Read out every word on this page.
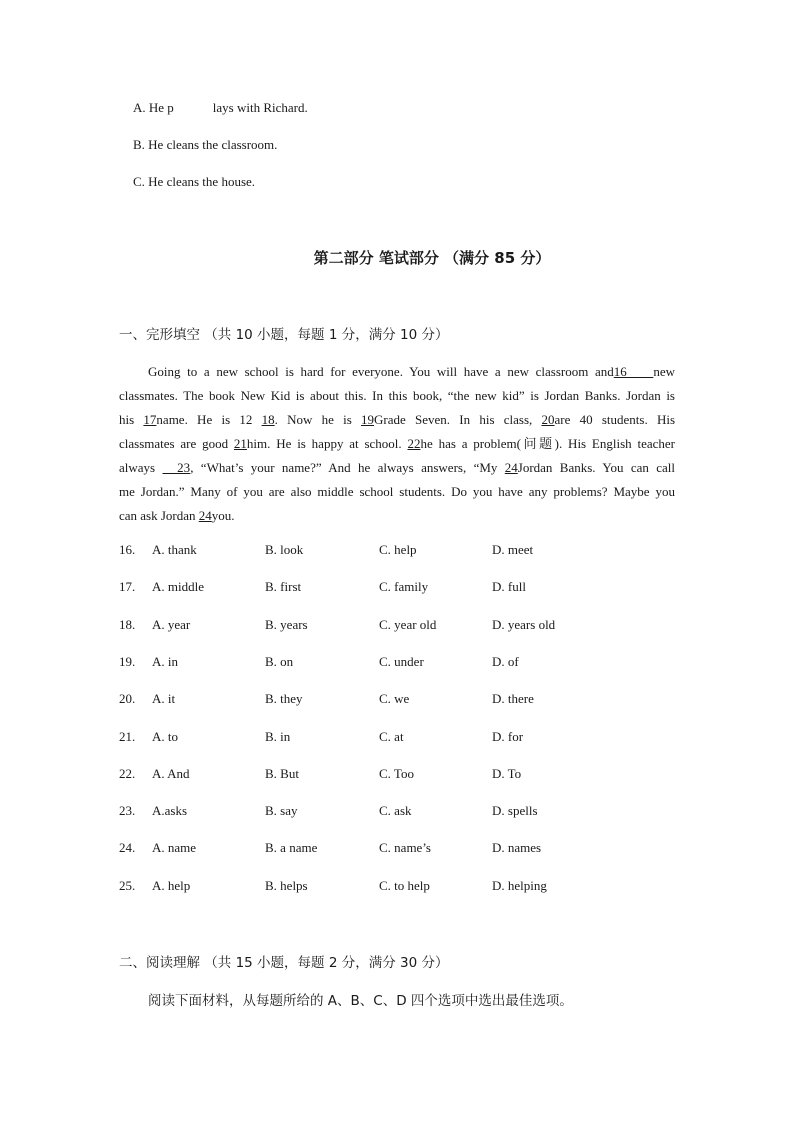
A. He p            lays with Richard.
B. He cleans the classroom.
C. He cleans the house.
第二部分 笔试部分 （满分 85 分）
一、完形填空 （共 10 小题，每题 1 分，满分 10 分）
Going to a new school is hard for everyone. You will have a new classroom and16    new
classmates. The book New Kid is about this. In this book, “the new kid” is Jordan Banks. Jordan is
his 17name. He is 12 18. Now he is 19Grade Seven. In his class, 20are 40 students. His
classmates are good 21him. He is happy at school. 22he has a problem(问题). His English teacher
always   23, “What’s your name?” And he always answers, “My 24Jordan Banks. You can call
me Jordan.” Many of you are also middle school students. Do you have any problems? Maybe you
can ask Jordan 24you.
16. A. thank	B. look	C. help	D. meet
17. A. middle	B. first	C. family	D. full
18. A. year	B. years	C. year old	D. years old
19. A. in	B. on	C. under	D. of
20. A. it	B. they	C. we	D. there
21. A. to	B. in	C. at	D. for
22. A. And	B. But	C. Too	D. To
23. A.asks	B. say	C. ask	D. spells
24. A. name	B. a name	C. name’s	D. names
25. A. help	B. helps	C. to help	D. helping
二、阅读理解 （共 15 小题，每题 2 分，满分 30 分）
阅读下面材料，从每题所给的 A、B、C、D 四个选项中选出最佳选项。
